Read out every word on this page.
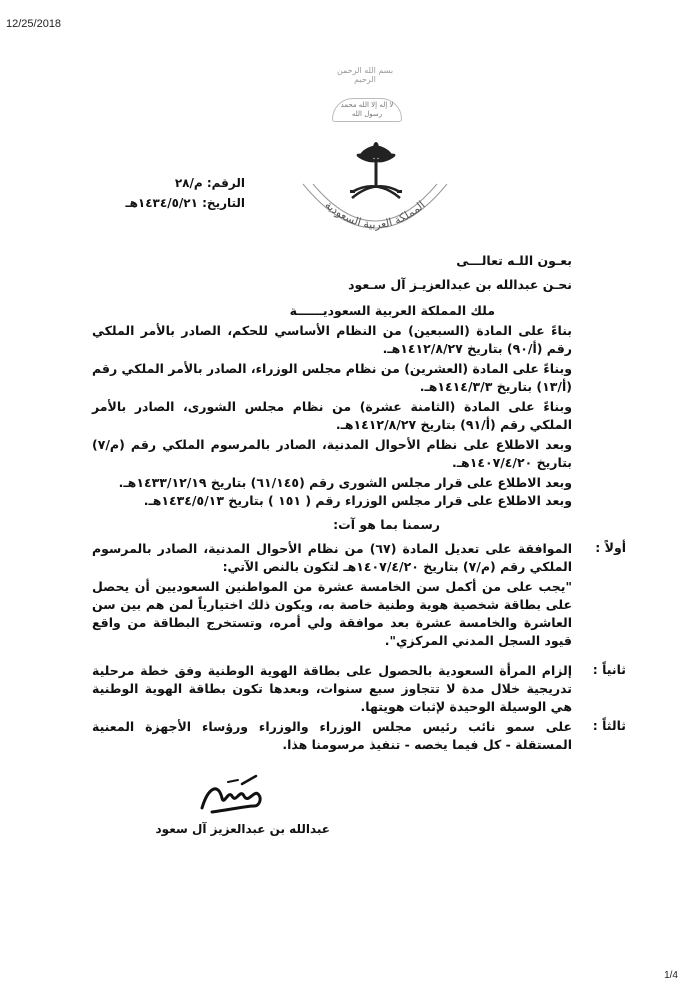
12/25/2018
بسم الله الرحمن الرحيم
لا إله إلا الله محمد رسول الله
المملكة العربية السعودية
الرقم: م/٢٨
التاريخ: ١٤٣٤/٥/٢١هـ
بعـون اللـه تعالـــى
نحـن عبدالله بن عبدالعزيـز آل سـعود
ملك المملكة العربية السعوديــــــة
بناءً على المادة (السبعين) من النظام الأساسي للحكم، الصادر بالأمر الملكي رقم (أ/٩٠) بتاريخ ١٤١٢/٨/٢٧هـ.
وبناءً على المادة (العشرين) من نظام مجلس الوزراء، الصادر بالأمر الملكي رقم (أ/١٣) بتاريخ ١٤١٤/٣/٣هـ.
وبناءً على المادة (الثامنة عشرة) من نظام مجلس الشورى، الصادر بالأمر الملكي رقم (أ/٩١) بتاريخ ١٤١٢/٨/٢٧هـ.
وبعد الاطلاع على نظام الأحوال المدنية، الصادر بالمرسوم الملكي رقم (م/٧) بتاريخ ١٤٠٧/٤/٢٠هـ.
وبعد الاطلاع على قرار مجلس الشورى رقم (٦١/١٤٥) بتاريخ ١٤٣٣/١٢/١٩هـ.
وبعد الاطلاع على قرار مجلس الوزراء رقم ( ١٥١ ) بتاريخ ١٤٣٤/٥/١٣هـ.
رسمنا بما هو آت:
أولاً :
الموافقة على تعديل المادة (٦٧) من نظام الأحوال المدنية، الصادر بالمرسوم الملكي رقم (م/٧) بتاريخ ١٤٠٧/٤/٢٠هـ لتكون بالنص الآتي:
"يجب على من أكمل سن الخامسة عشرة من المواطنين السعوديين أن يحصل على بطاقة شخصية هوية وطنية خاصة به، ويكون ذلك اختيارياً لمن هم بين سن العاشرة والخامسة عشرة بعد موافقة ولي أمره، وتستخرج البطاقة من واقع قيود السجل المدني المركزي".
ثانياً :
إلزام المرأة السعودية بالحصول على بطاقة الهوية الوطنية وفق خطة مرحلية تدريجية خلال مدة لا تتجاوز سبع سنوات، وبعدها تكون بطاقة الهوية الوطنية هي الوسيلة الوحيدة لإثبات هويتها.
ثالثاً :
على سمو نائب رئيس مجلس الوزراء والوزراء ورؤساء الأجهزة المعنية المستقلة - كل فيما يخصه - تنفيذ مرسومنا هذا.
عبدالله بن عبدالعزيز آل سعود
1/4
